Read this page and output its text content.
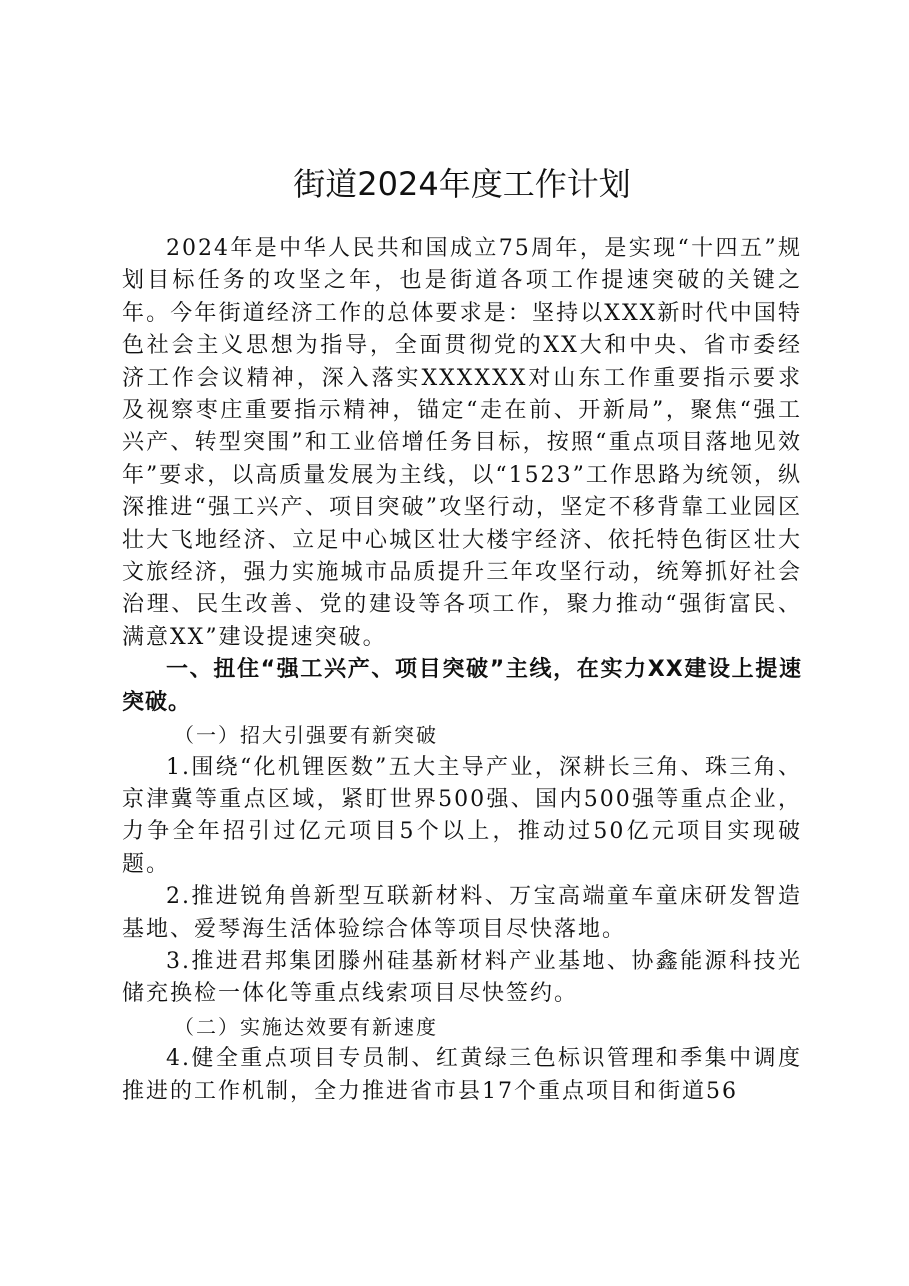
街道2024年度工作计划

2024年是中华人民共和国成立75周年，是实现“十四五”规划目标任务的攻坚之年，也是街道各项工作提速突破的关键之年。今年街道经济工作的总体要求是：坚持以XXX新时代中国特色社会主义思想为指导，全面贯彻党的XX大和中央、省市委经济工作会议精神，深入落实XXXXXX对山东工作重要指示要求及视察枣庄重要指示精神，锚定“走在前、开新局”，聚焦“强工兴产、转型突围”和工业倍增任务目标，按照“重点项目落地见效年”要求，以高质量发展为主线，以“1523”工作思路为统领，纵深推进“强工兴产、项目突破”攻坚行动，坚定不移背靠工业园区壮大飞地经济、立足中心城区壮大楼宇经济、依托特色街区壮大文旅经济，强力实施城市品质提升三年攻坚行动，统筹抓好社会治理、民生改善、党的建设等各项工作，聚力推动“强街富民、满意XX”建设提速突破。

一、扭住“强工兴产、项目突破”主线，在实力XX建设上提速突破。

（一）招大引强要有新突破

1.围绕“化机锂医数”五大主导产业，深耕长三角、珠三角、京津冀等重点区域，紧盯世界500强、国内500强等重点企业，力争全年招引过亿元项目5个以上，推动过50亿元项目实现破题。

2.推进锐角兽新型互联新材料、万宝高端童车童床研发智造基地、爱琴海生活体验综合体等项目尽快落地。

3.推进君邦集团滕州硅基新材料产业基地、协鑫能源科技光储充换检一体化等重点线索项目尽快签约。

（二）实施达效要有新速度

4.健全重点项目专员制、红黄绿三色标识管理和季集中调度推进的工作机制，全力推进省市县17个重点项目和街道56
